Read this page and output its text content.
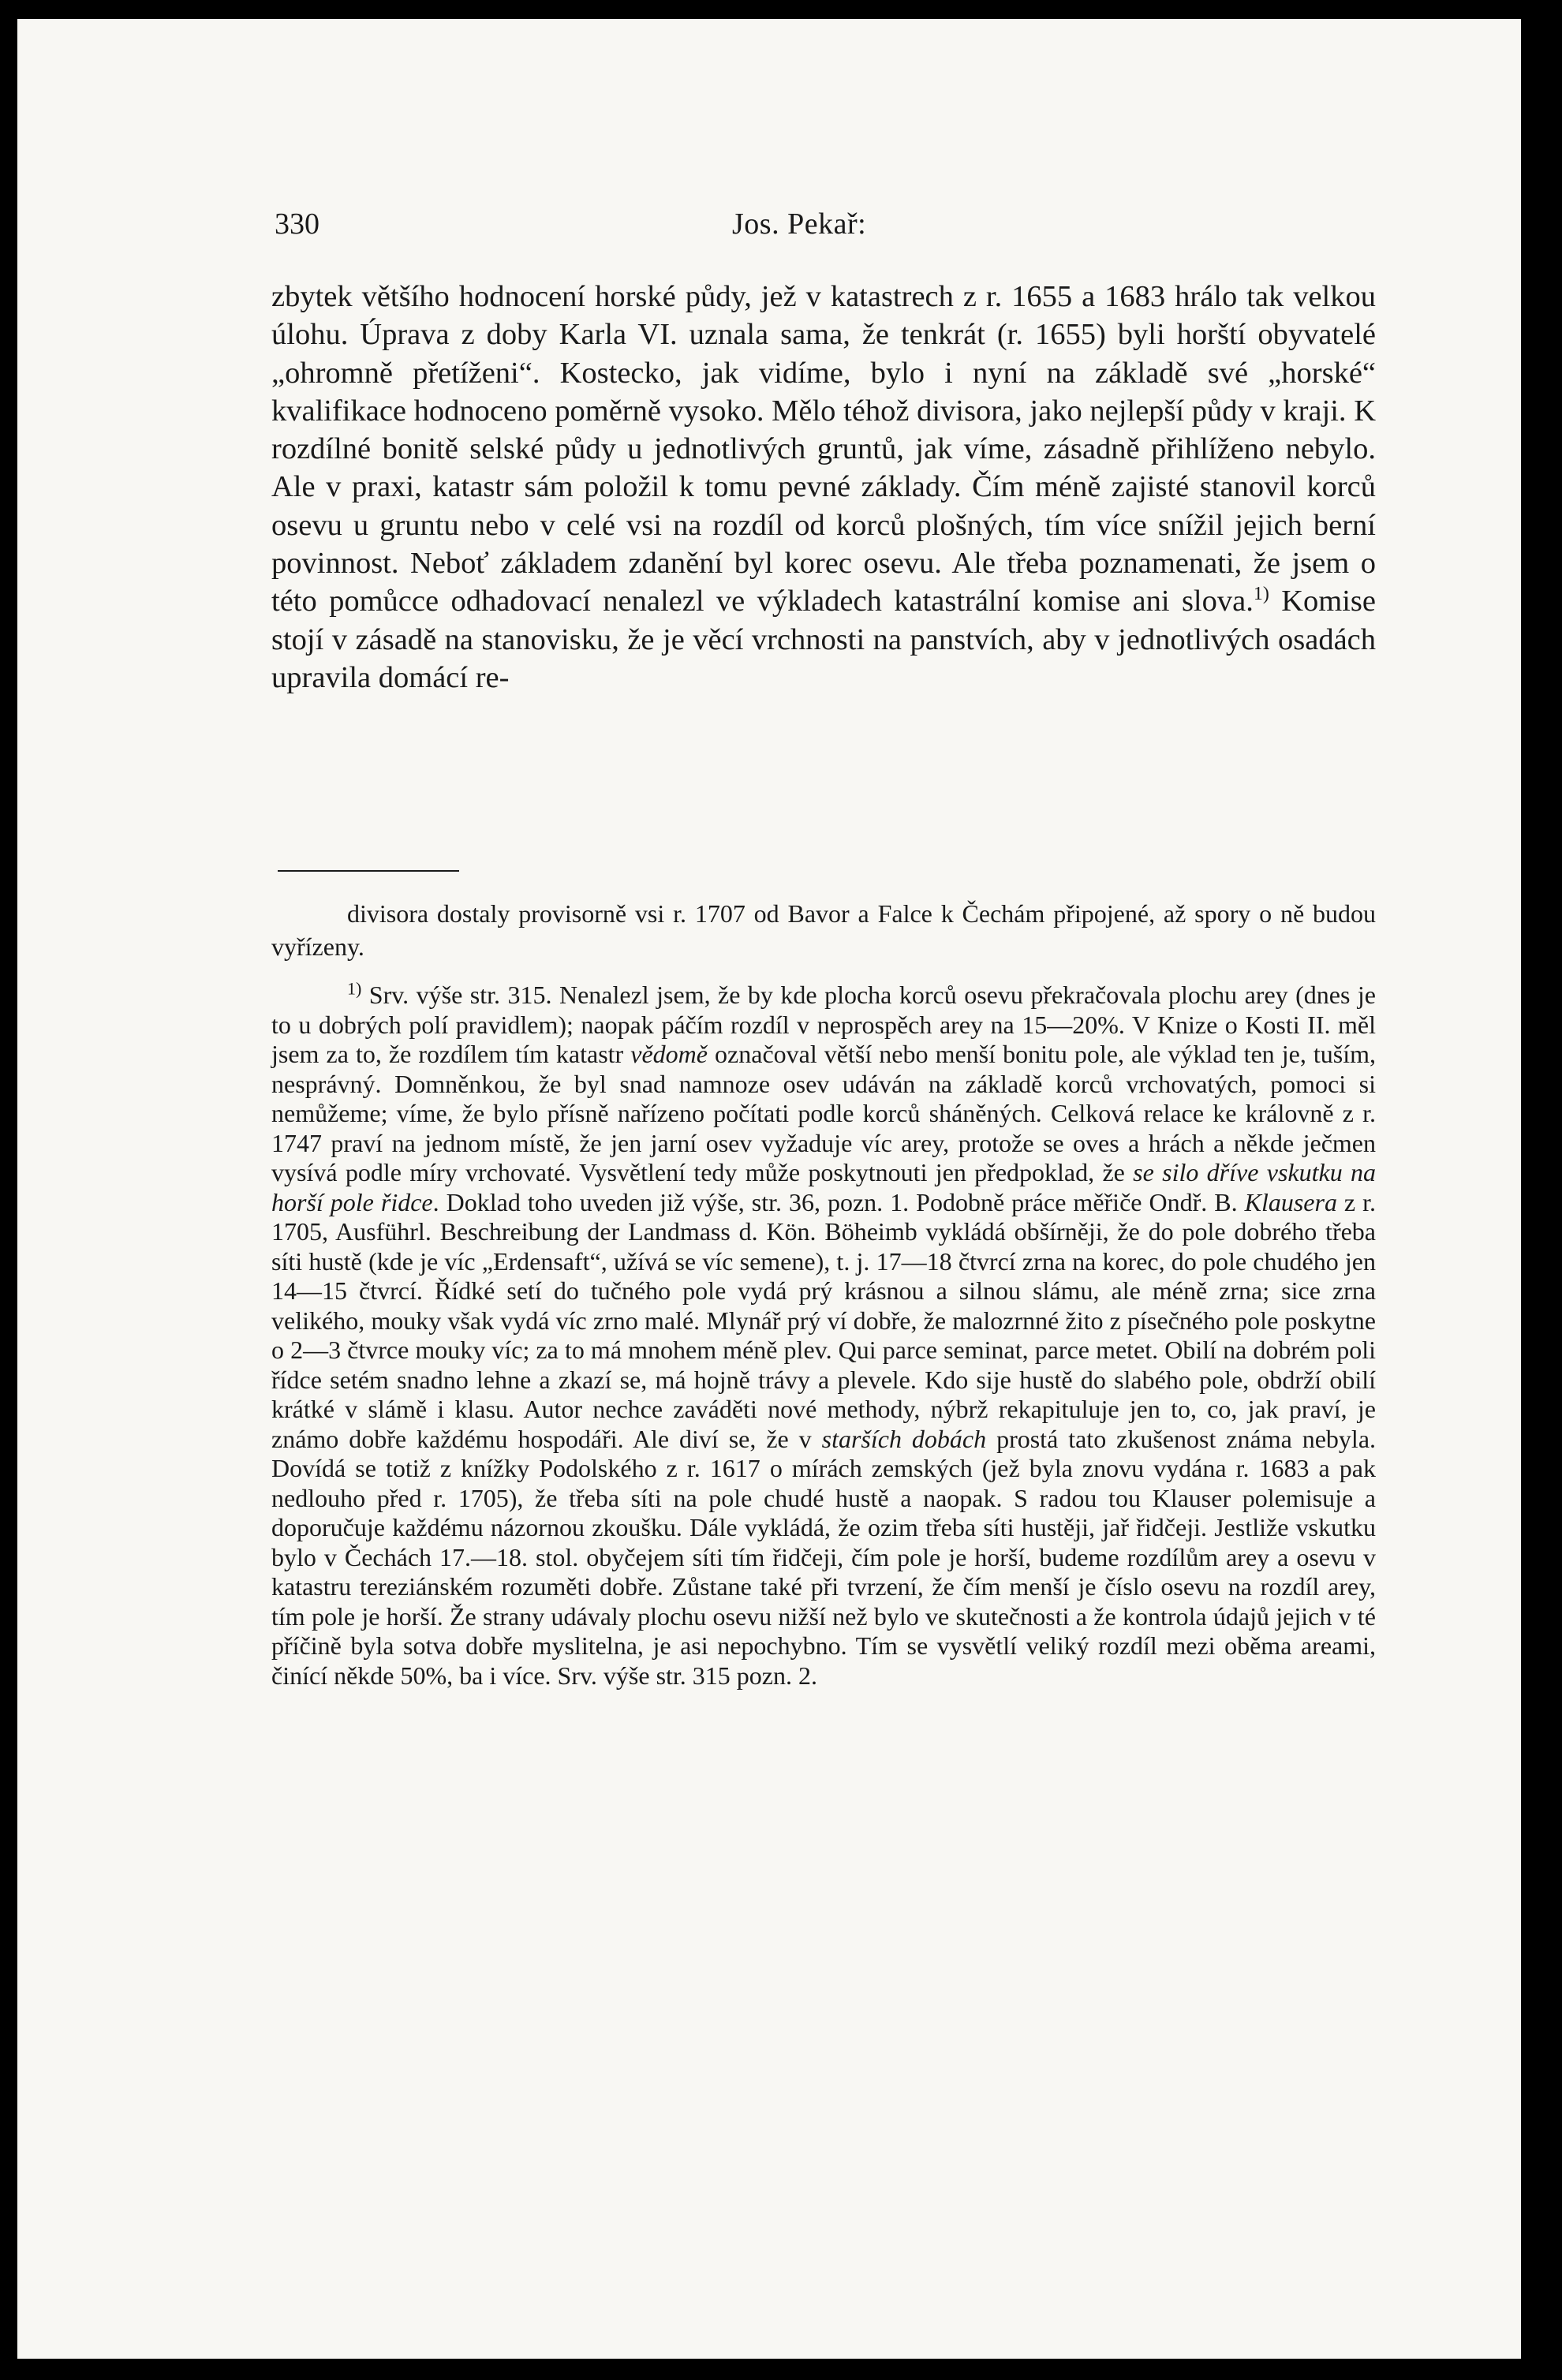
330	Jos. Pekař:

zbytek většího hodnocení horské půdy, jež v katastrech z r. 1655 a 1683 hrálo tak velkou úlohu. Úprava z doby Karla VI. uznala sama, že tenkrát (r. 1655) byli horští obyvatelé „ohromně přetíženi“. Kostecko, jak vidíme, bylo i nyní na základě své „horské“ kvalifikace hodnoceno poměrně vysoko. Mělo téhož divisora, jako nejlepší půdy v kraji. K rozdílné bonitě selské půdy u jednotlivých gruntů, jak víme, zásadně přihlíženo nebylo. Ale v praxi, katastr sám položil k tomu pevné základy. Čím méně zajisté stanovil korců osevu u gruntu nebo v celé vsi na rozdíl od korců plošných, tím více snížil jejich berní povinnost. Neboť základem zdanění byl korec osevu. Ale třeba poznamenati, že jsem o této pomůcce odhadovací nenalezl ve výkladech katastrální komise ani slova.$^{1)}$ Komise stojí v zásadě na stanovisku, že je věcí vrchnosti na panstvích, aby v jednotlivých osadách upravila domácí re-

divisora dostaly provisorně vsi r. 1707 od Bavor a Falce k Čechám připojené, až spory o ně budou vyřízeny.

$^{1)}$ Srv. výše str. 315. Nenalezl jsem, že by kde plocha korců osevu překračovala plochu arey (dnes je to u dobrých polí pravidlem); naopak páčím rozdíl v neprospěch arey na 15—20%. V Knize o Kosti II. měl jsem za to, že rozdílem tím katastr vědomě označoval větší nebo menší bonitu pole, ale výklad ten je, tuším, nesprávný. Domněnkou, že byl snad namnoze osev udáván na základě korců vrchovatých, pomoci si nemůžeme; víme, že bylo přísně nařízeno počítati podle korců sháněných. Celková relace ke královně z r. 1747 praví na jednom místě, že jen jarní osev vyžaduje víc arey, protože se oves a hrách a někde ječmen vysívá podle míry vrchovaté. Vysvětlení tedy může poskytnouti jen předpoklad, že se silo dříve vskutku na horší pole řidce. Doklad toho uveden již výše, str. 36, pozn. 1. Podobně práce měřiče Ondř. B. Klausera z r. 1705, Ausführl. Beschreibung der Landmass d. Kön. Böheimb vykládá obšírněji, že do pole dobrého třeba síti hustě (kde je víc „Erdensaft“, užívá se víc semene), t. j. 17—18 čtvrcí zrna na korec, do pole chudého jen 14—15 čtvrcí. Řídké setí do tučného pole vydá prý krásnou a silnou slámu, ale méně zrna; sice zrna velikého, mouky však vydá víc zrno malé. Mlynář prý ví dobře, že malozrnné žito z písečného pole poskytne o 2—3 čtvrce mouky víc; za to má mnohem méně plev. Qui parce seminat, parce metet. Obilí na dobrém poli řídce setém snadno lehne a zkazí se, má hojně trávy a plevele. Kdo sije hustě do slabého pole, obdrží obilí krátké v slámě i klasu. Autor nechce zaváděti nové methody, nýbrž rekapituluje jen to, co, jak praví, je známo dobře každému hospodáři. Ale diví se, že v starších dobách prostá tato zkušenost známa nebyla. Dovídá se totiž z knížky Podolského z r. 1617 o mírách zemských (jež byla znovu vydána r. 1683 a pak nedlouho před r. 1705), že třeba síti na pole chudé hustě a naopak. S radou tou Klauser polemisuje a doporučuje každému názornou zkoušku. Dále vykládá, že ozim třeba síti hustěji, jař řidčeji. Jestliže vskutku bylo v Čechách 17.—18. stol. obyčejem síti tím řidčeji, čím pole je horší, budeme rozdílům arey a osevu v katastru tereziánském rozuměti dobře. Zůstane také při tvrzení, že čím menší je číslo osevu na rozdíl arey, tím pole je horší. Že strany udávaly plochu osevu nižší než bylo ve skutečnosti a že kontrola údajů jejich v té příčině byla sotva dobře myslitelna, je asi nepochybno. Tím se vysvětlí veliký rozdíl mezi oběma areami, činící někde 50%, ba i více. Srv. výše str. 315 pozn. 2.
